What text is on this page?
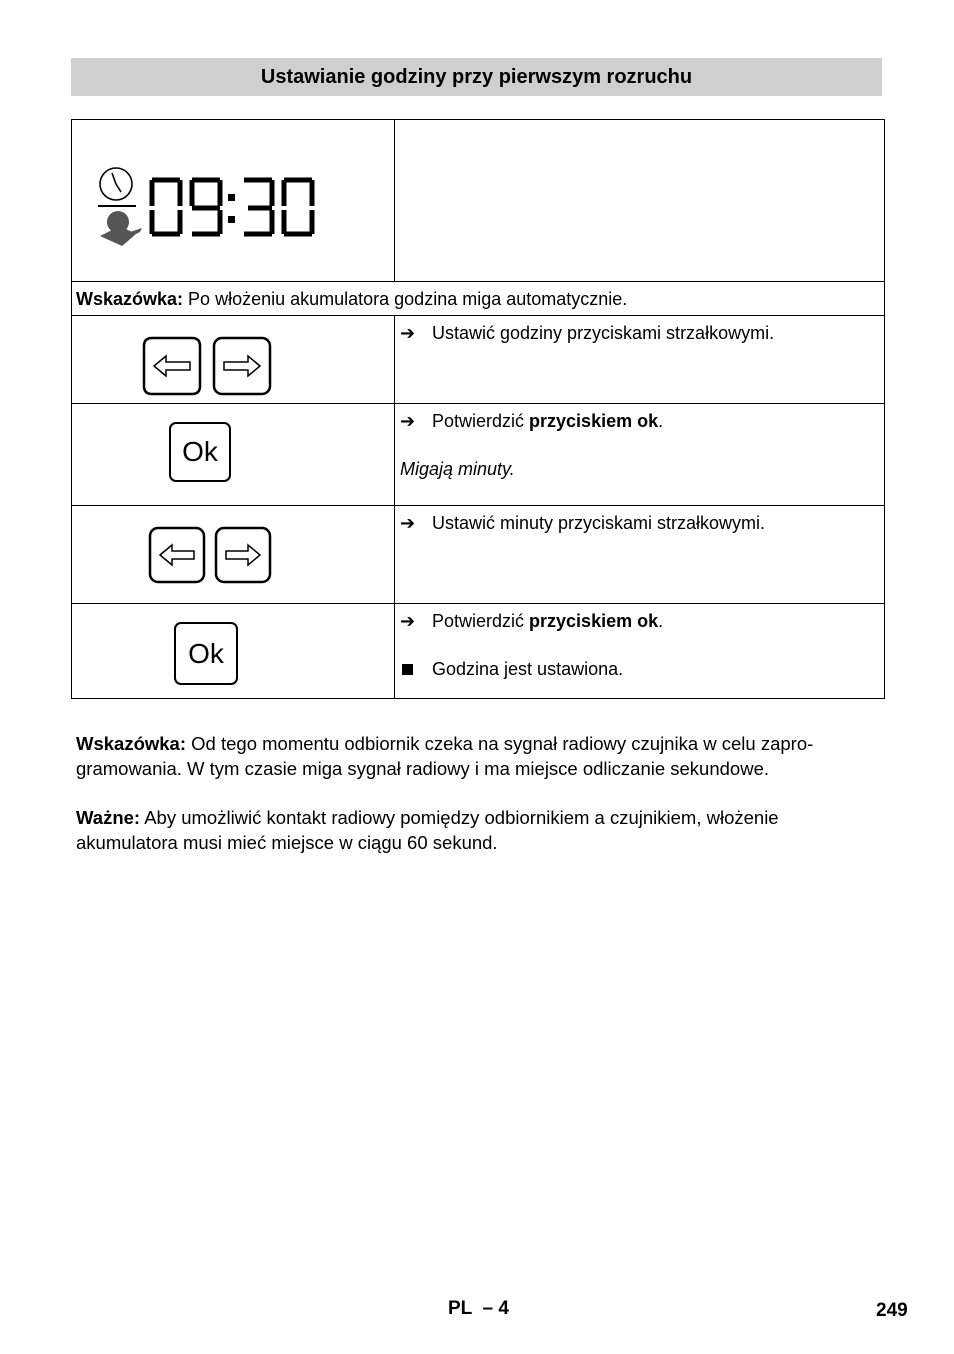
Ustawianie godziny przy pierwszym rozruchu

Wskazówka: Po włożeniu akumulatora godzina miga automatycznie.	

➔ Ustawić godziny przyciskami strzałkowymi.

Ok	➔ Potwierdzić przyciskiem ok.
Migają minuty.

➔ Ustawić minuty przyciskami strzałkowymi.

Ok	➔ Potwierdzić przyciskiem ok.
Godzina jest ustawiona.
Wskazówka: Od tego momentu odbiornik czeka na sygnał radiowy czujnika w celu zapro-
gramowania. W tym czasie miga sygnał radiowy i ma miejsce odliczanie sekundowe.
Ważne: Aby umożliwić kontakt radiowy pomiędzy odbiornikiem a czujnikiem, włożenie
akumulatora musi mieć miejsce w ciągu 60 sekund.
PL  – 4	249
